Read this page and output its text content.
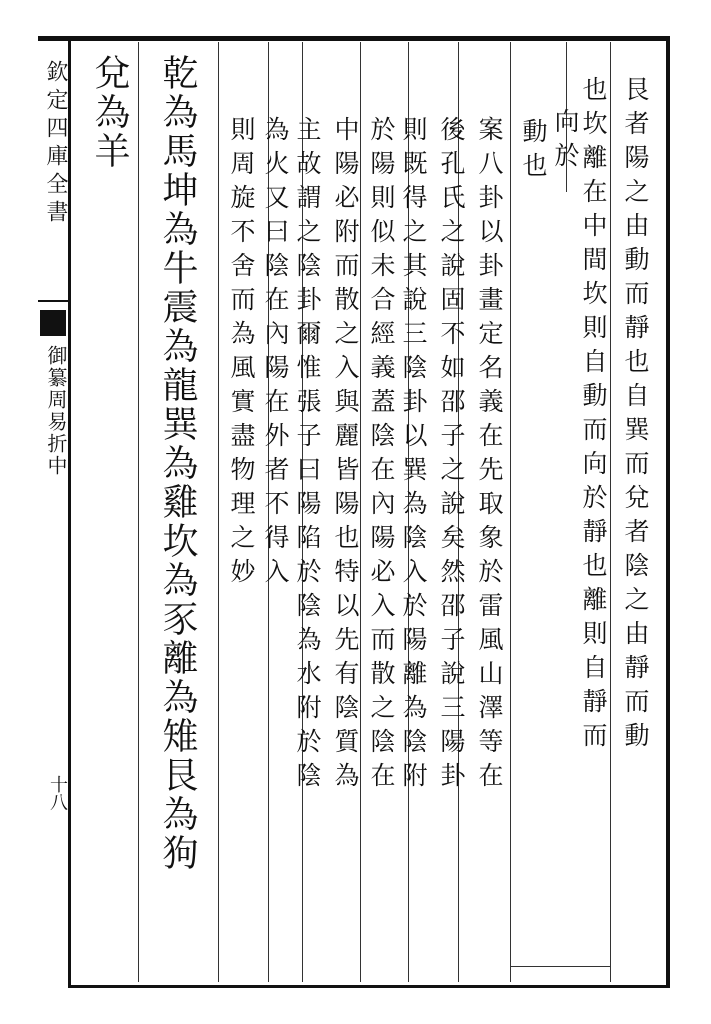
欽定四庫全書
御纂周易折中
十八
艮者陽之由動而靜也自巽而兌者陰之由靜而動
也坎離在中間坎則自動而向於靜也離則自靜而
向於
動也
案八卦以卦畫定名義在先取象於雷風山澤等在
後孔氏之說固不如邵子之說矣然邵子說三陽卦
則既得之其說三陰卦以巽為陰入於陽離為陰附
於陽則似未合經義蓋陰在內陽必入而散之陰在
中陽必附而散之入與麗皆陽也特以先有陰質為
主故謂之陰卦爾惟張子曰陽陷於陰為水附於陰
為火又曰陰在內陽在外者不得入
則周旋不舍而為風實盡物理之妙
乾為馬坤為牛震為龍巽為雞坎為豕離為雉艮為狗
兌為羊
